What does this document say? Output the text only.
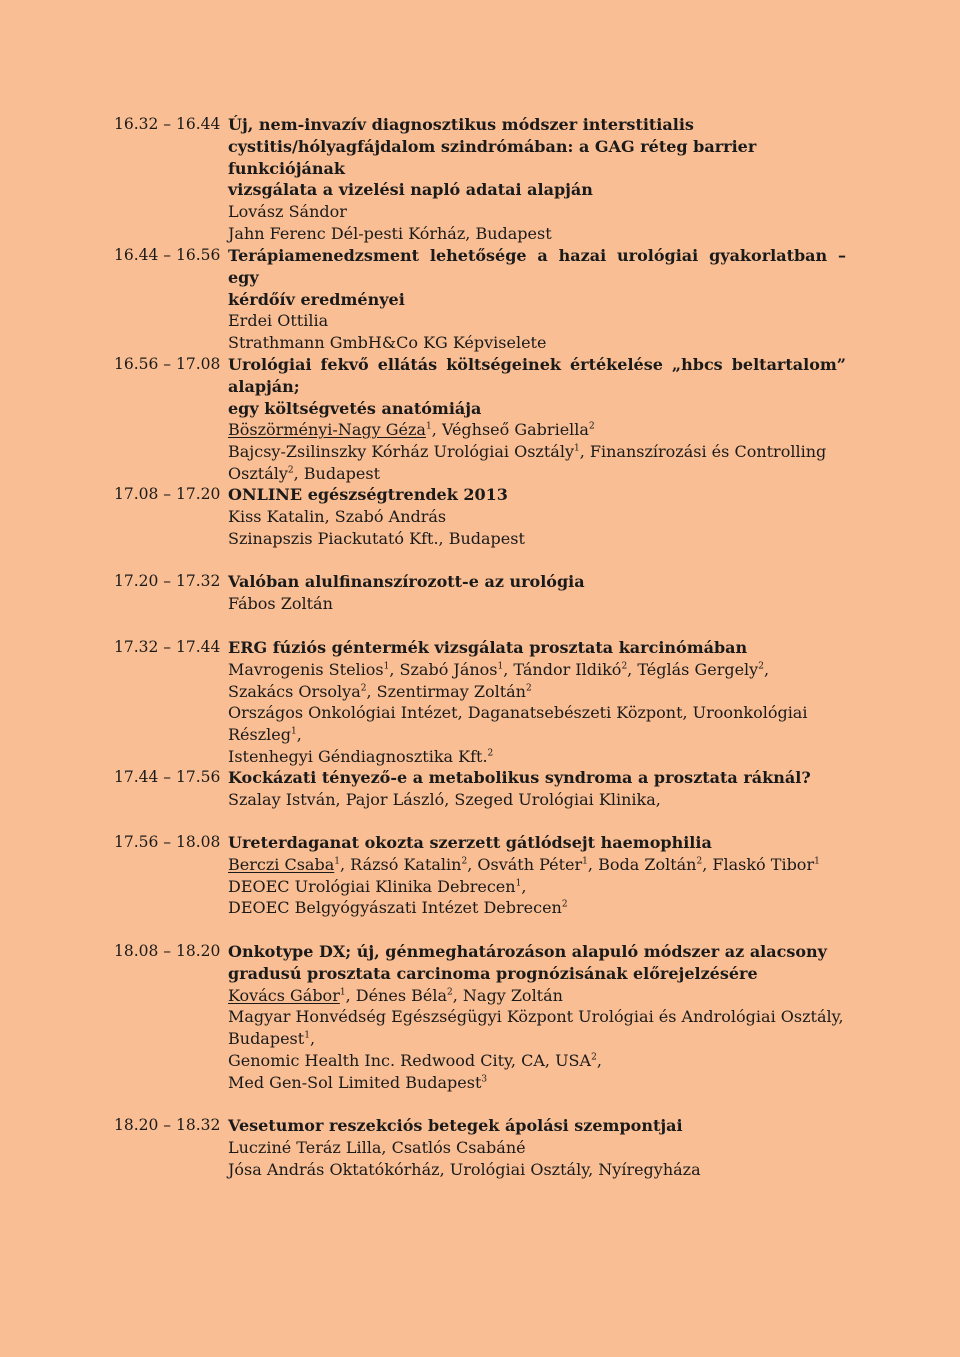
16.32 – 16.44 Új, nem-invazív diagnosztikus módszer interstitialis
cystitis/hólyagfájdalom szindrómában: a GAG réteg barrier funkciójának
vizsgálata a vizelési napló adatai alapján
Lovász Sándor
Jahn Ferenc Dél-pesti Kórház, Budapest
16.44 – 16.56 Terápiamenedzsment lehetősége a hazai urológiai gyakorlatban – egy
kérdőív eredményei
Erdei Ottilia
Strathmann GmbH&Co KG Képviselete
16.56 – 17.08 Urológiai fekvő ellátás költségeinek értékelése „hbcs beltartalom” alapján;
egy költségvetés anatómiája
Böszörményi-Nagy Géza$^1$, Véghseő Gabriella$^2$
Bajcsy-Zsilinszky Kórház Urológiai Osztály$^1$, Finanszírozási és Controlling
Osztály$^2$, Budapest
17.08 – 17.20 ONLINE egészségtrendek 2013
Kiss Katalin, Szabó András
Szinapszis Piackutató Kft., Budapest
17.20 – 17.32 Valóban alulfinanszírozott-e az urológia
Fábos Zoltán
17.32 – 17.44 ERG fúziós géntermék vizsgálata prosztata karcinómában
Mavrogenis Stelios$^1$, Szabó János$^1$, Tándor Ildikó$^2$, Téglás Gergely$^2$,
Szakács Orsolya$^2$, Szentirmay Zoltán$^2$
Országos Onkológiai Intézet, Daganatsebészeti Központ, Uroonkológiai Részleg$^1$,
Istenhegyi Géndiagnosztika Kft.$^2$
17.44 – 17.56 Kockázati tényező-e a metabolikus syndroma a prosztata ráknál?
Szalay István, Pajor László, Szeged Urológiai Klinika,
17.56 – 18.08 Ureterdaganat okozta szerzett gátlódsejt haemophilia
Berczi Csaba$^1$, Rázsó Katalin$^2$, Osváth Péter$^1$, Boda Zoltán$^2$, Flaskó Tibor$^1$
DEOEC Urológiai Klinika Debrecen$^1$,
DEOEC Belgyógyászati Intézet Debrecen$^2$
18.08 – 18.20 Onkotype DX; új, génmeghatározáson alapuló módszer az alacsony
gradusú prosztata carcinoma prognózisának előrejelzésére
Kovács Gábor$^1$, Dénes Béla$^2$, Nagy Zoltán
Magyar Honvédség Egészségügyi Központ Urológiai és Andrológiai Osztály,
Budapest$^1$,
Genomic Health Inc. Redwood City, CA, USA$^2$,
Med Gen-Sol Limited Budapest$^3$
18.20 – 18.32 Vesetumor reszekciós betegek ápolási szempontjai
Lucziné Teráz Lilla, Csatlós Csabáné
Jósa András Oktatókórház, Urológiai Osztály, Nyíregyháza
